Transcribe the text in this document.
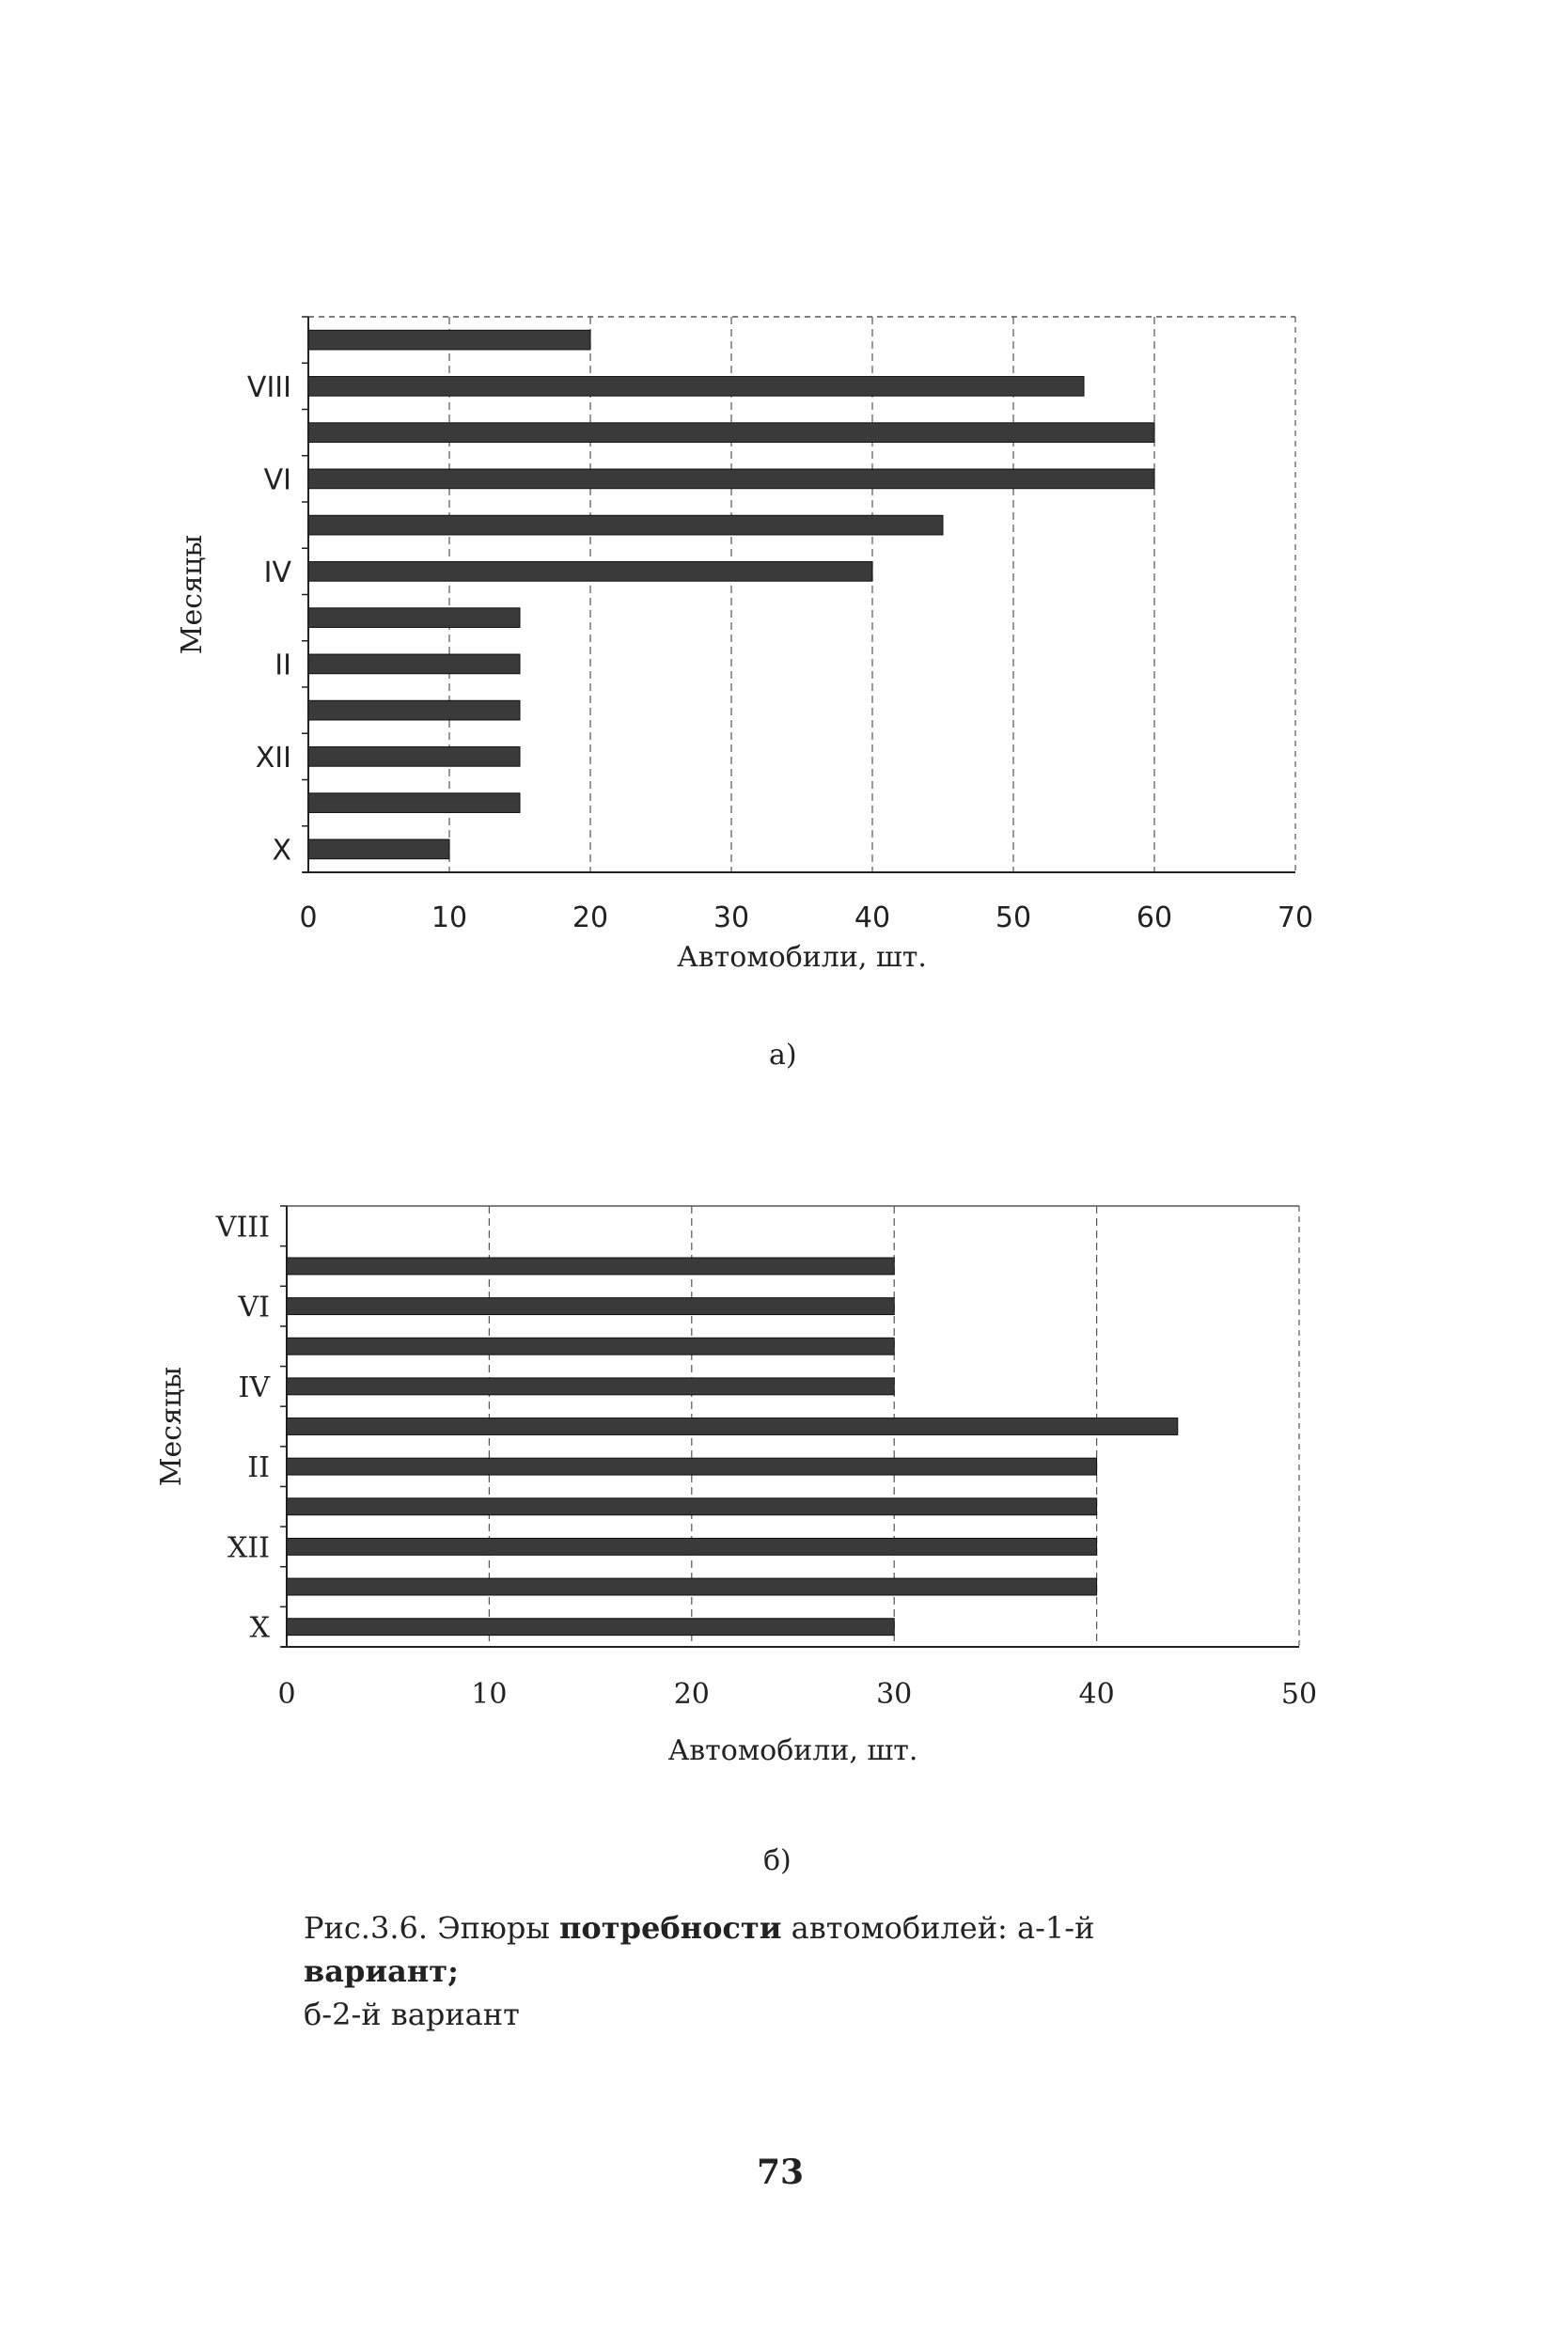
X
XII
II
IV
VI
VIII
0	10	20	30	40	50	60	70
Автомобили, шт.
Месяцы
а)
X
XII
II
IV
VI
VIII
0	10	20	30	40	50
Автомобили, шт.
Месяцы
б)
Рис.3.6. Эпюры потребности автомобилей: а-1-й вариант;
б-2-й вариант
73
